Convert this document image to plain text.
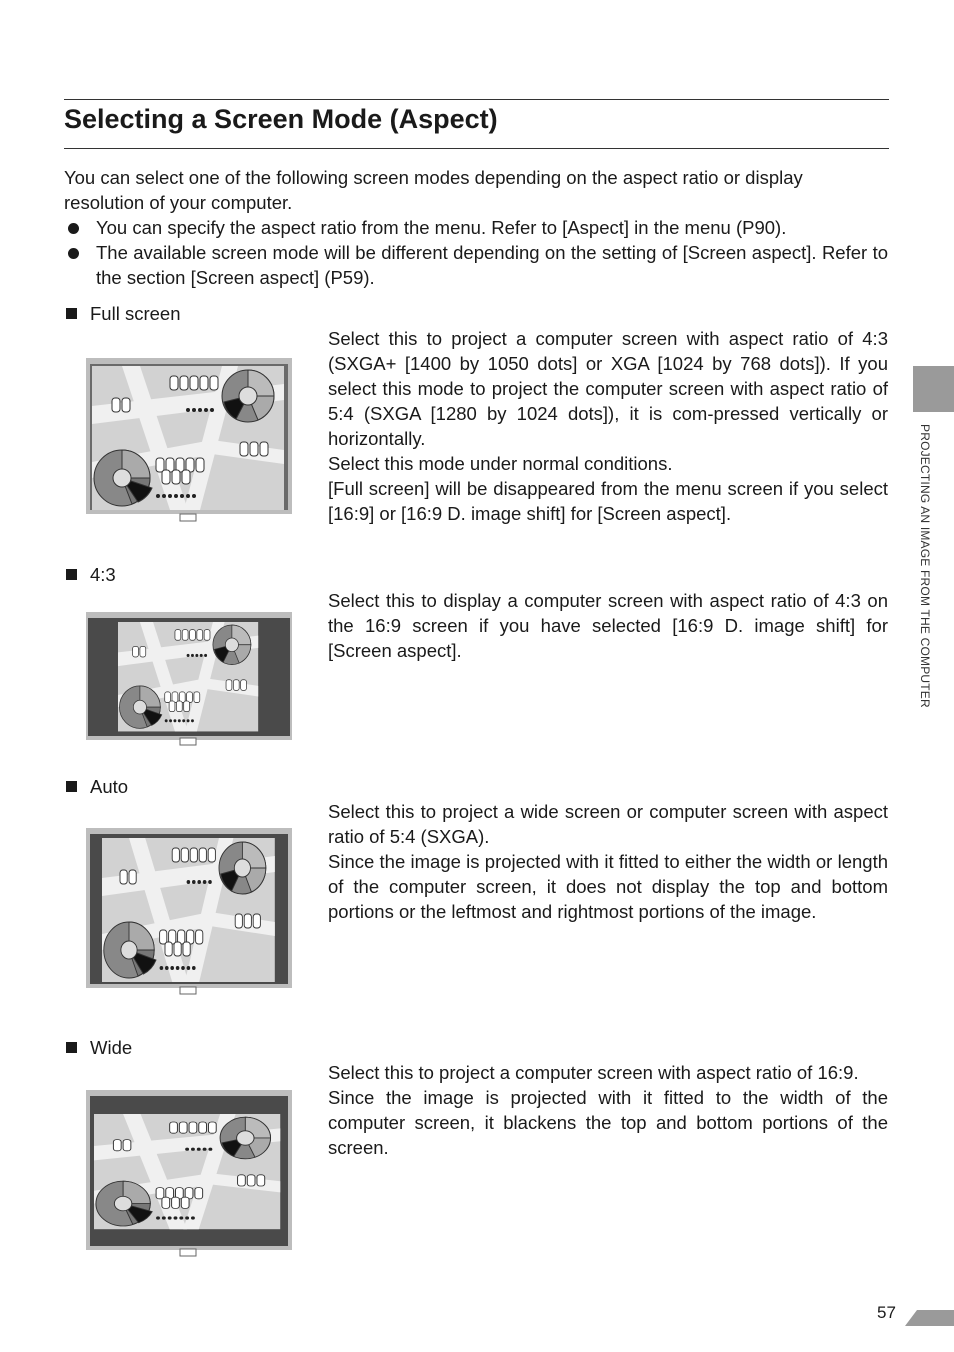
Selecting a Screen Mode (Aspect)

You can select one of the following screen modes depending on the aspect ratio or display resolution of your computer.

You can specify the aspect ratio from the menu. Refer to [Aspect] in the menu (P90).

The available screen mode will be different depending on the setting of [Screen aspect]. Refer to the section [Screen aspect] (P59).

Full screen

Select this to project a computer screen with aspect ratio of 4:3 (SXGA+ [1400 by 1050 dots] or XGA [1024 by 768 dots]). If you select this mode to project the computer screen with aspect ratio of 5:4 (SXGA [1280 by 1024 dots]), it is com-pressed vertically or horizontally.

Select this mode under normal conditions.

[Full screen] will be disappeared from the menu screen if you select [16:9] or [16:9 D. image shift] for [Screen aspect].

4:3

Select this to display a computer screen with aspect ratio of 4:3 on the 16:9 screen if you have selected [16:9 D. image shift] for [Screen aspect].

Auto

Select this to project a wide screen or computer screen with aspect ratio of 5:4 (SXGA).

Since the image is projected with it fitted to either the width or length of the computer screen, it does not display the top and bottom portions or the leftmost and rightmost portions of the image.

Wide

Select this to project a computer screen with aspect ratio of 16:9.

Since the image is projected with it fitted to the width of the computer screen, it blackens the top and bottom portions of the screen.

PROJECTING AN IMAGE FROM THE COMPUTER
57
